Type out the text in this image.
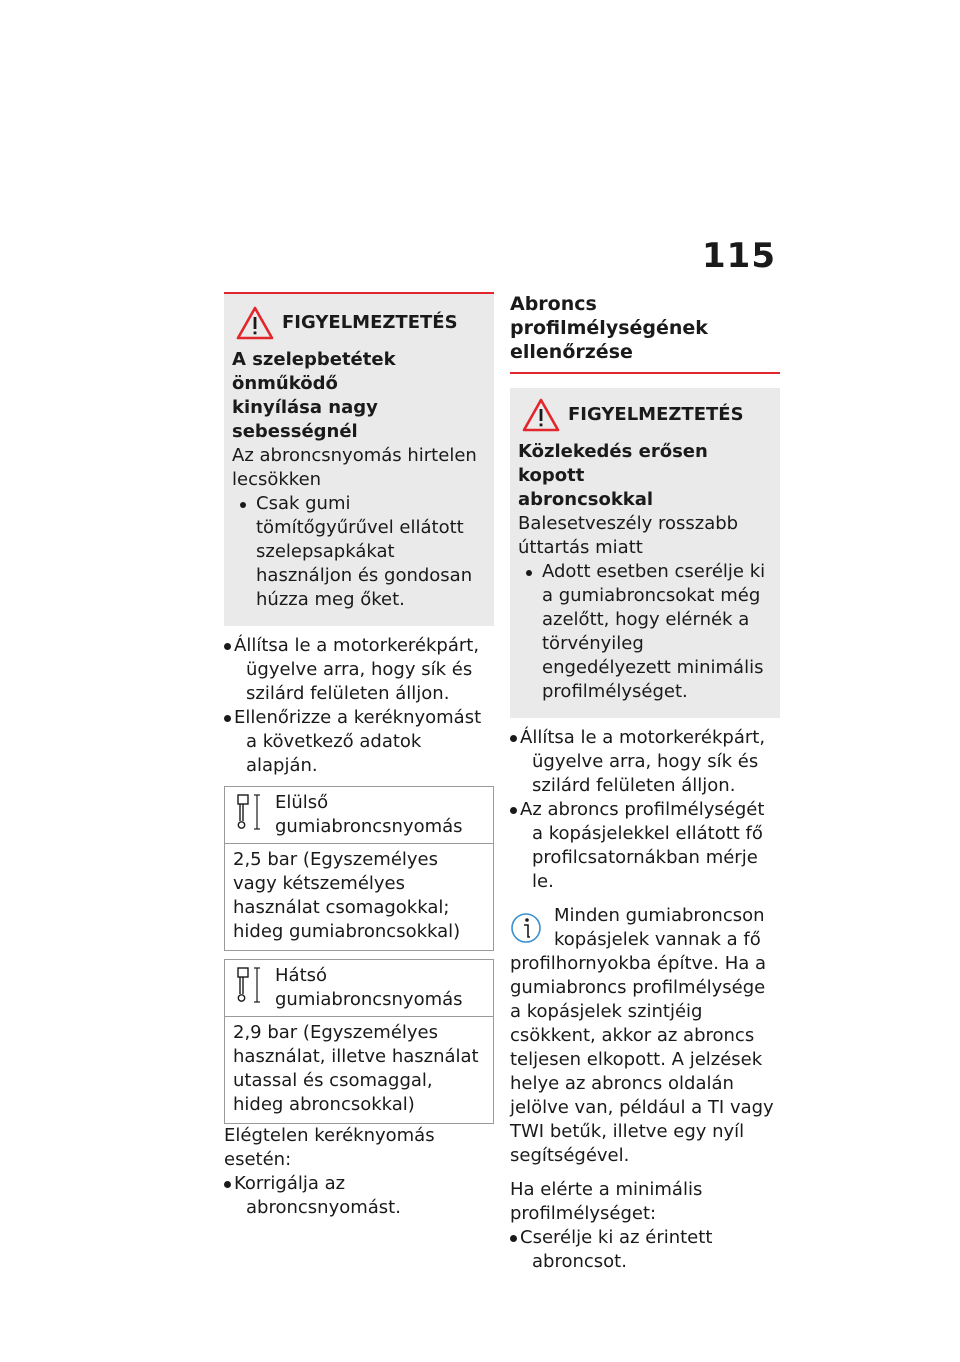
115
FIGYELMEZTETÉS
A szelepbetétek önműködő
kinyílása nagy sebességnél
Az abroncsnyomás hirtelen
lecsökken
Csak gumi tömítőgyűrűvel ellátott szelepsapkákat használjon és gondosan húzza meg őket.
Állítsa le a motorkerékpárt, ügyelve arra, hogy sík és szilárd felületen álljon.
Ellenőrizze a keréknyomást a következő adatok alapján.
Elülső gumiabroncsnyomás
2,5 bar (Egyszemélyes vagy kétszemélyes használat csomagokkal; hideg gumiabroncsokkal)
Hátsó gumiabroncsnyomás
2,9 bar (Egyszemélyes használat, illetve használat utassal és csomaggal, hideg abroncsokkal)
Elégtelen keréknyomás esetén:
Korrigálja az abroncsnyomást.
Abroncs profilmélységének
ellenőrzése
FIGYELMEZTETÉS
Közlekedés erősen kopott
abroncsokkal
Balesetveszély rosszabb úttartás miatt
Adott esetben cserélje ki a gumiabroncsokat még azelőtt, hogy elérnék a törvényileg engedélyezett minimális profilmélységet.
Állítsa le a motorkerékpárt, ügyelve arra, hogy sík és szilárd felületen álljon.
Az abroncs profilmélységét a kopásjelekkel ellátott fő profilcsatornákban mérje le.
Minden gumiabroncson
kopásjelek vannak a fő
profilhornyokba építve. Ha a gumiabroncs profilmélysége a kopásjelek szintjéig csökkent, akkor az abroncs teljesen elkopott. A jelzések helye az abroncs oldalán jelölve van, például a TI vagy TWI betűk, illetve egy nyíl segítségével.
Ha elérte a minimális profilmélységet:
Cserélje ki az érintett abroncsot.
